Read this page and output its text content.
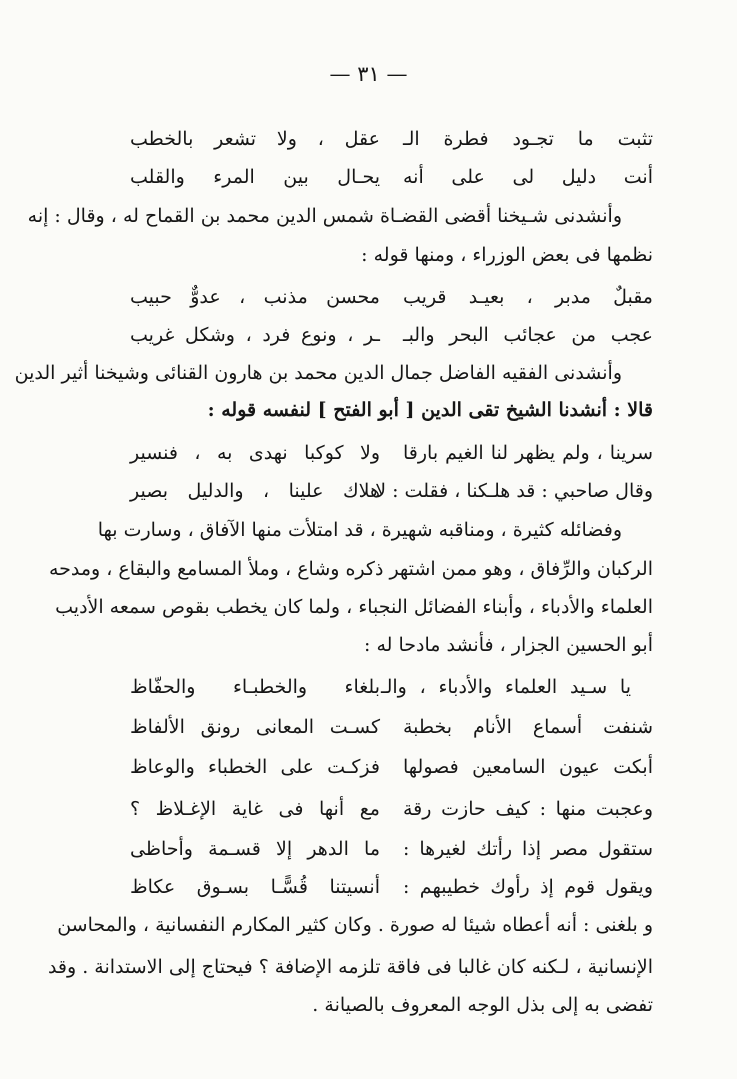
— ٣١ —
تثبت ما تجـود فطرة الـ
عقل ، ولا تشعر بالخطب
أنت دليل لى على أنه
يحـال بين المرء والقلب
وأنشدنى شـيخنا أقضى القضـاة شمس الدين محمد بن القماح له ، وقال : إنه
نظمها فى بعض الوزراء ، ومنها قوله :
مقبلٌ مدبر ، بعيـد قريب
محسن مذنب ، عدوٌّ حبيب
عجب من عجائب البحر والبـ
ـر ، ونوع فرد ، وشكل غريب
وأنشدنى الفقيه الفاضل جمال الدين محمد بن هارون القنائى وشيخنا أثير الدين
قالا : أنشدنا الشيخ تقى الدين [ أبو الفتح ] لنفسه قوله :
سرينا ، ولم يظهر لنا الغيم بارقا
ولا كوكبا نهدى به ، فنسير
وقال صاحبي : قد هلـكنا ، فقلت : لا
هلاك علينا ، والدليل بصير
وفضائله كثيرة ، ومناقبه شهيرة ، قد امتلأت منها الآفاق ، وسارت بها
الركبان والرِّفاق ، وهو ممن اشتهر ذكره وشاع ، وملأ المسامع والبقاع ، ومدحه
العلماء والأدباء ، وأبناء الفضائل النجباء ، ولما كان يخطب بقوص سمعه الأديب
أبو الحسين الجزار ، فأنشد مادحا له :
يا سـيد العلماء والأدباء ، والـ
بلغاء والخطبـاء والحفّاظ
شنفت أسماع الأنام بخطبة
كسـت المعانى رونق الألفاظ
أبكت عيون السامعين فصولها
فزكـت على الخطباء والوعاظ
وعجبت منها : كيف حازت رقة
مع أنها فى غاية الإغـلاظ ؟
ستقول مصر إذا رأتك لغيرها :
ما الدهر إلا قسـمة وأحاظى
ويقول قوم إذ رأوك خطيبهم :
أنسيتنا قُسًّـا بسـوق عكاظ
و بلغنى : أنه أعطاه شيئا له صورة . وكان كثير المكارم النفسانية ، والمحاسن
الإنسانية ، لـكنه كان غالبا فى فاقة تلزمه الإضافة ؟ فيحتاج إلى الاستدانة . وقد
تفضى به إلى بذل الوجه المعروف بالصيانة .
